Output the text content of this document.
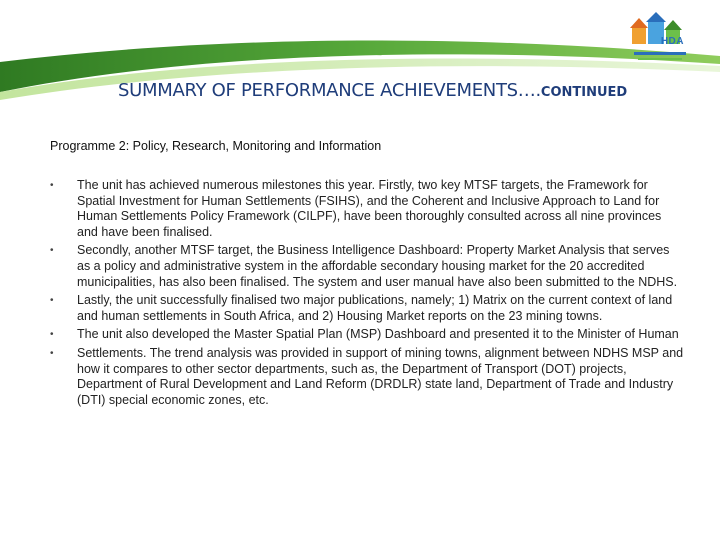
HDA
SUMMARY OF PERFORMANCE ACHIEVEMENTS….CONTINUED
Programme 2: Policy, Research, Monitoring and Information
• The unit has achieved numerous milestones this year. Firstly, two key MTSF targets, the Framework for Spatial Investment for Human Settlements (FSIHS), and the Coherent and Inclusive Approach to Land for Human Settlements Policy Framework (CILPF), have been thoroughly consulted across all nine provinces and have been finalised.
• Secondly, another MTSF target, the Business Intelligence Dashboard: Property Market Analysis that serves as a policy and administrative system in the affordable secondary housing market for the 20 accredited municipalities, has also been finalised. The system and user manual have also been submitted to the NDHS.
• Lastly, the unit successfully finalised two major publications, namely; 1) Matrix on the current context of land and human settlements in South Africa, and 2) Housing Market reports on the 23 mining towns.
• The unit also developed the Master Spatial Plan (MSP) Dashboard and presented it to the Minister of Human
• Settlements. The trend analysis was provided in support of mining towns, alignment between NDHS MSP and how it compares to other sector departments, such as, the Department of Transport (DOT) projects, Department of Rural Development and Land Reform (DRDLR) state land, Department of Trade and Industry (DTI) special economic zones, etc.
